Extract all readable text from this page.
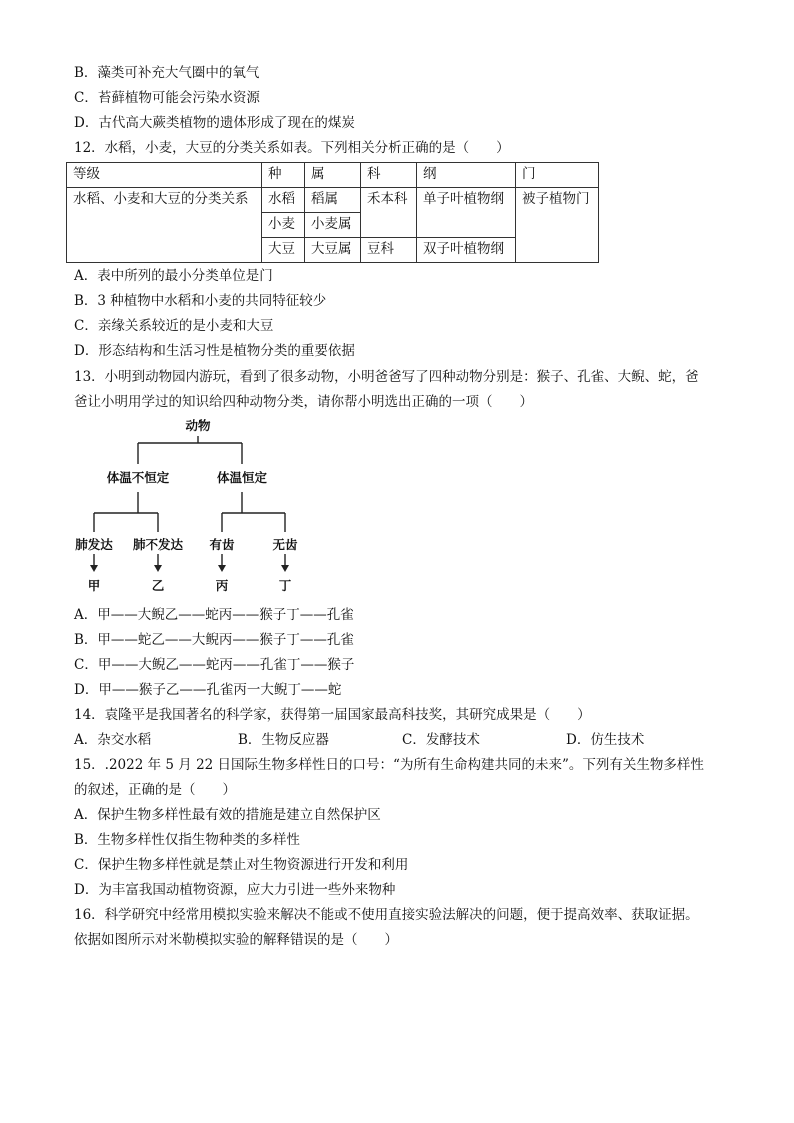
B．藻类可补充大气圈中的氧气
C．苔藓植物可能会污染水资源
D．古代高大蕨类植物的遗体形成了现在的煤炭
12．水稻，小麦，大豆的分类关系如表。下列相关分析正确的是（　　）
等级	种	属	科	纲	门
水稻、小麦和大豆的分类关系	水稻	稻属	禾本科	单子叶植物纲	被子植物门
	小麦	小麦属			
	大豆	大豆属	豆科	双子叶植物纲	
A．表中所列的最小分类单位是门
B．3 种植物中水稻和小麦的共同特征较少
C．亲缘关系较近的是小麦和大豆
D．形态结构和生活习性是植物分类的重要依据
13．小明到动物园内游玩，看到了很多动物，小明爸爸写了四种动物分别是：猴子、孔雀、大鲵、蛇，爸
爸让小明用学过的知识给四种动物分类，请你帮小明选出正确的一项（　　）
动物
体温不恒定	体温恒定
肺发达 肺不发达 有齿	无齿
甲	乙	丙	丁
A．甲——大鲵乙——蛇丙——猴子丁——孔雀
B．甲——蛇乙——大鲵丙——猴子丁——孔雀
C．甲——大鲵乙——蛇丙——孔雀丁——猴子
D．甲——猴子乙——孔雀丙一大鲵丁——蛇
14．袁隆平是我国著名的科学家，获得第一届国家最高科技奖，其研究成果是（　　）
A．杂交水稻	B．生物反应器	C．发酵技术	D．仿生技术
15．.2022 年 5 月 22 日国际生物多样性日的口号：“为所有生命构建共同的未来”。下列有关生物多样性
的叙述，正确的是（　　）
A．保护生物多样性最有效的措施是建立自然保护区
B．生物多样性仅指生物种类的多样性
C．保护生物多样性就是禁止对生物资源进行开发和利用
D．为丰富我国动植物资源，应大力引进一些外来物种
16．科学研究中经常用模拟实验来解决不能或不使用直接实验法解决的问题，便于提高效率、获取证据。
依据如图所示对米勒模拟实验的解释错误的是（　　）
